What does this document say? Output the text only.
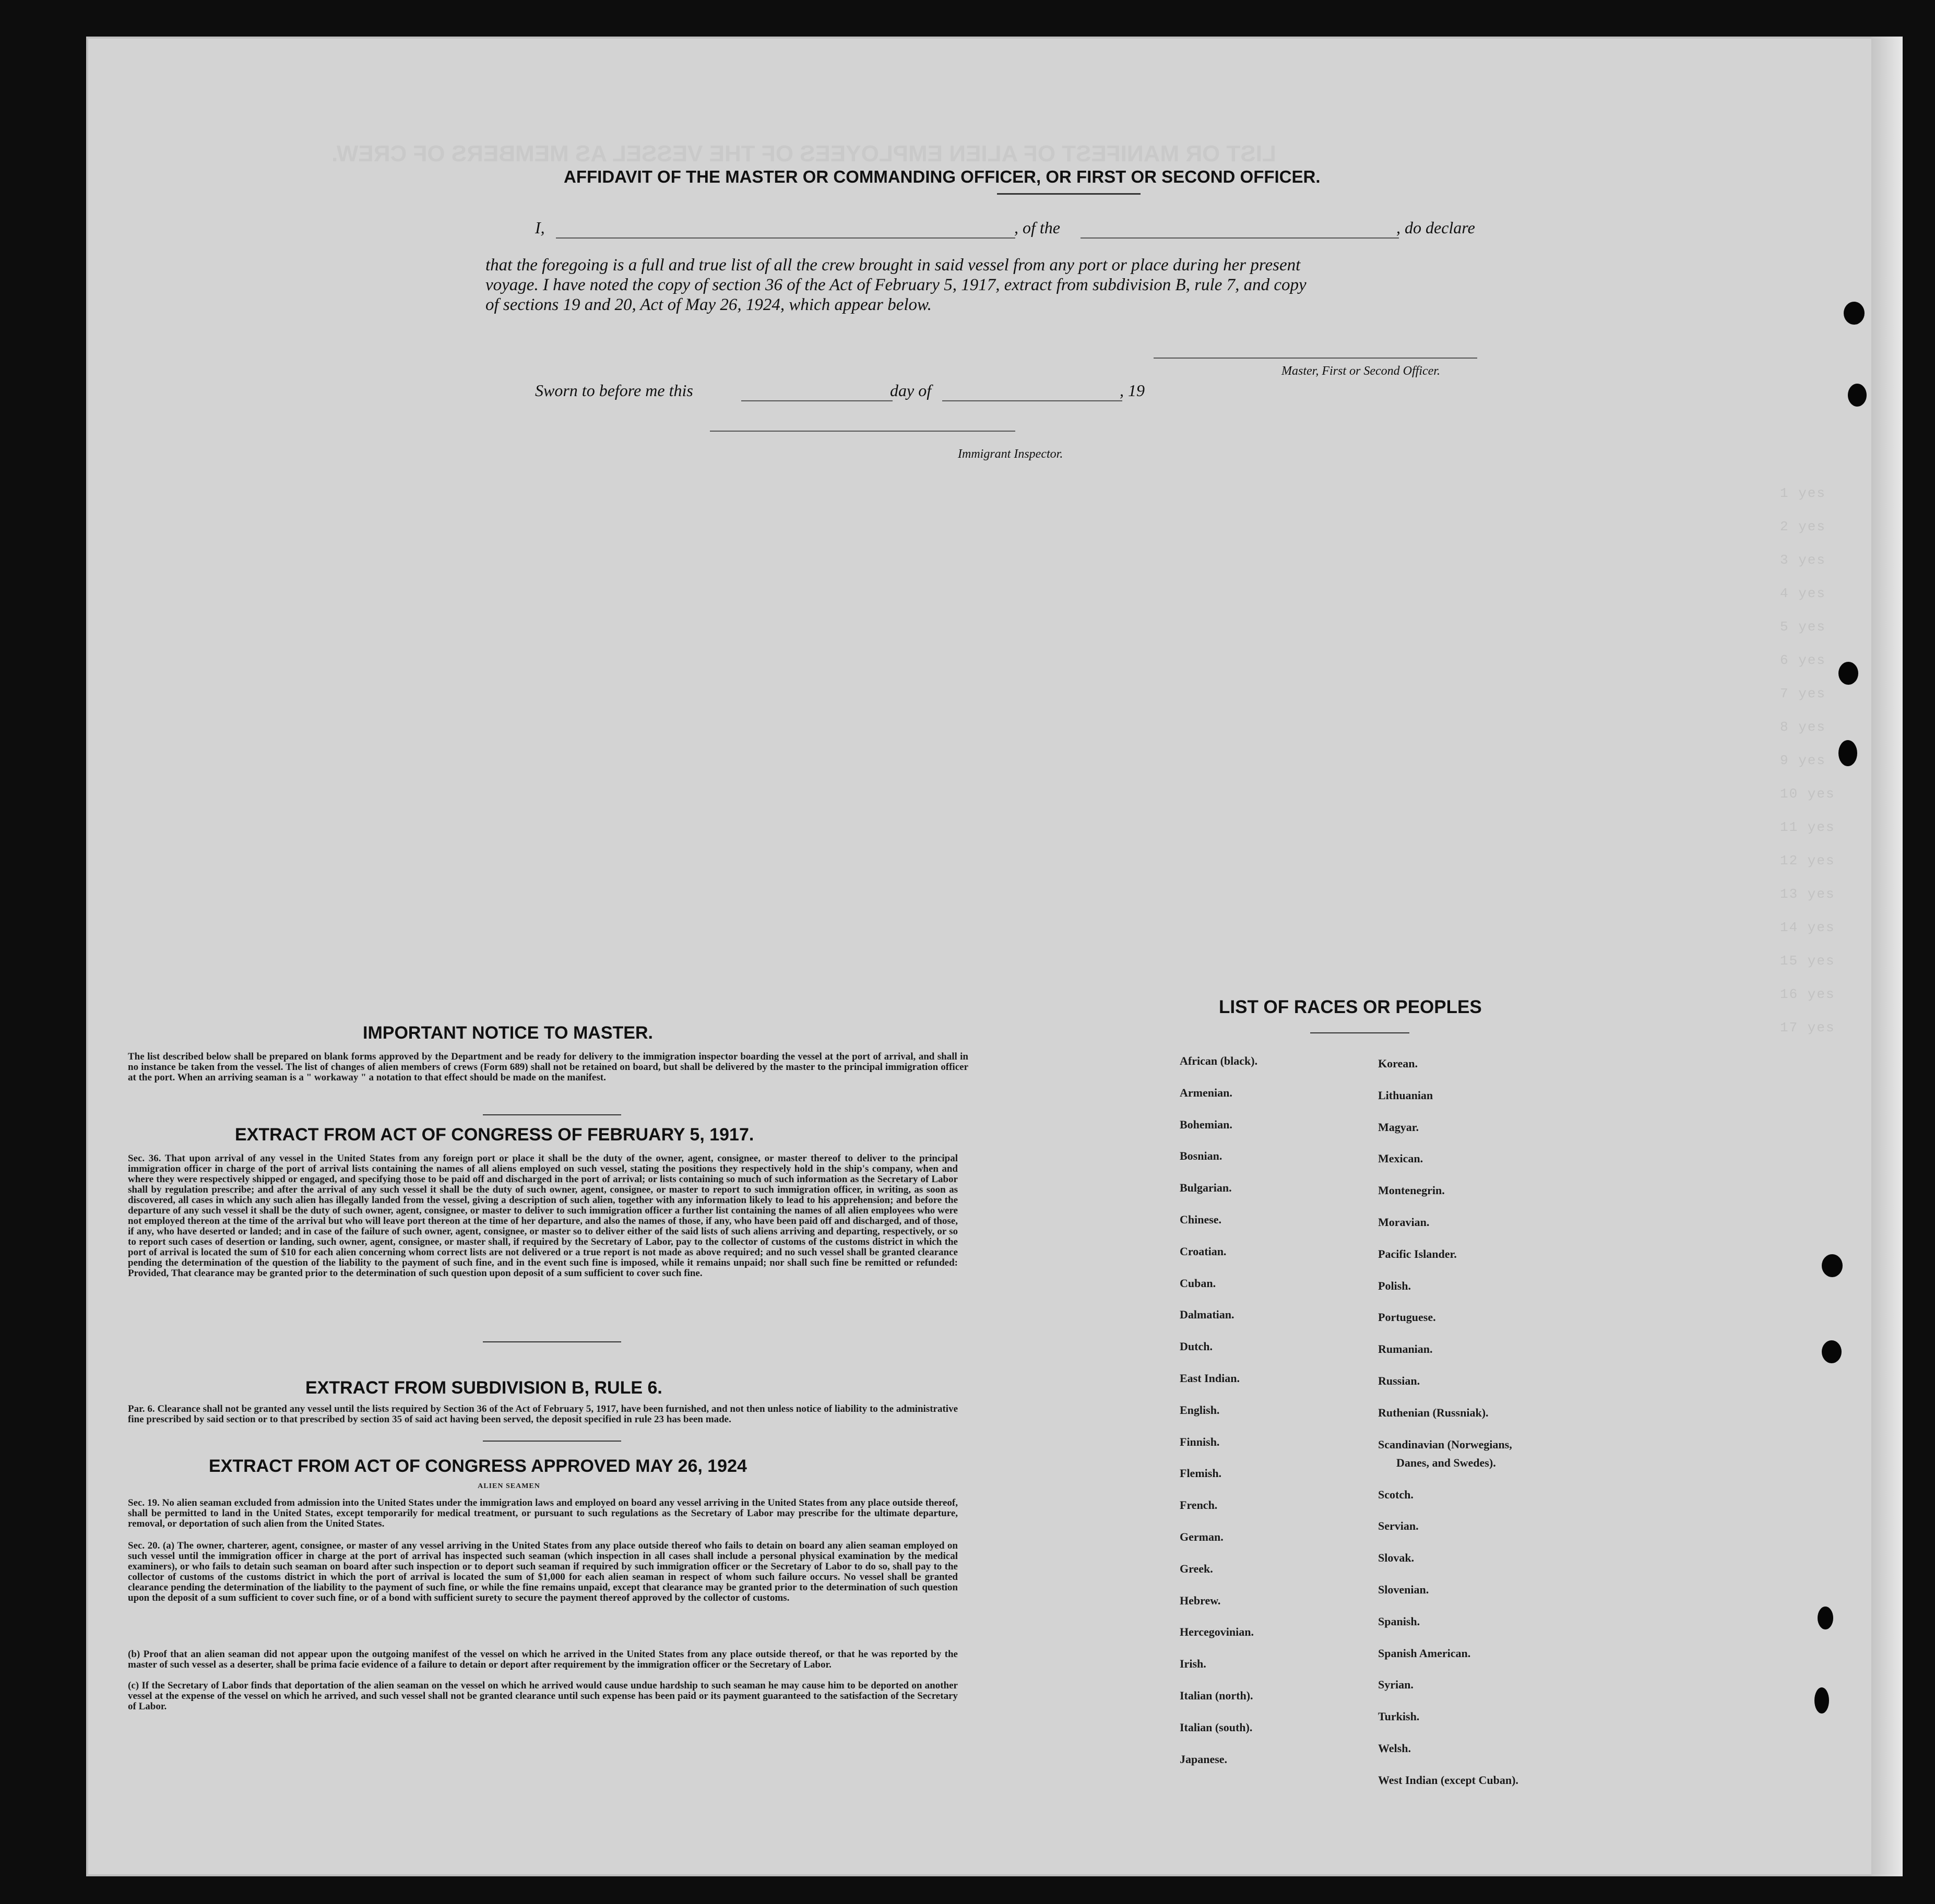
LIST OR MANIFEST OF ALIEN EMPLOYEES OF THE VESSEL AS MEMBERS OF CREW.
1 yes
2 yes
3 yes
4 yes
5 yes
6 yes
7 yes
8 yes
9 yes
10 yes
11 yes
12 yes
13 yes
14 yes
15 yes
16 yes
17 yes
AFFIDAVIT OF THE MASTER OR COMMANDING OFFICER, OR FIRST OR SECOND OFFICER.
I,	, of the	, do declare
that the foregoing is a full and true list of all the crew brought in said vessel from any port or place during her present
voyage. I have noted the copy of section 36 of the Act of February 5, 1917, extract from subdivision B, rule 7, and copy
of sections 19 and 20, Act of May 26, 1924, which appear below.
Master, First or Second Officer.
Sworn to before me this	day of	, 19
Immigrant Inspector.
IMPORTANT NOTICE TO MASTER.
The list described below shall be prepared on blank forms approved by the Department and be ready for delivery to the immigration inspector boarding the vessel at the port of arrival, and shall in no instance be taken from the vessel. The list of changes of alien members of crews (Form 689) shall not be retained on board, but shall be delivered by the master to the principal immigration officer at the port. When an arriving seaman is a " workaway " a notation to that effect should be made on the manifest.
EXTRACT FROM ACT OF CONGRESS OF FEBRUARY 5, 1917.
Sec. 36. That upon arrival of any vessel in the United States from any foreign port or place it shall be the duty of the owner, agent, consignee, or master thereof to deliver to the principal immigration officer in charge of the port of arrival lists containing the names of all aliens employed on such vessel, stating the positions they respectively hold in the ship's company, when and where they were respectively shipped or engaged, and specifying those to be paid off and discharged in the port of arrival; or lists containing so much of such information as the Secretary of Labor shall by regulation prescribe; and after the arrival of any such vessel it shall be the duty of such owner, agent, consignee, or master to report to such immigration officer, in writing, as soon as discovered, all cases in which any such alien has illegally landed from the vessel, giving a description of such alien, together with any information likely to lead to his apprehension; and before the departure of any such vessel it shall be the duty of such owner, agent, consignee, or master to deliver to such immigration officer a further list containing the names of all alien employees who were not employed thereon at the time of the arrival but who will leave port thereon at the time of her departure, and also the names of those, if any, who have been paid off and discharged, and of those, if any, who have deserted or landed; and in case of the failure of such owner, agent, consignee, or master so to deliver either of the said lists of such aliens arriving and departing, respectively, or so to report such cases of desertion or landing, such owner, agent, consignee, or master shall, if required by the Secretary of Labor, pay to the collector of customs of the customs district in which the port of arrival is located the sum of $10 for each alien concerning whom correct lists are not delivered or a true report is not made as above required; and no such vessel shall be granted clearance pending the determination of the question of the liability to the payment of such fine, and in the event such fine is imposed, while it remains unpaid; nor shall such fine be remitted or refunded: Provided, That clearance may be granted prior to the determination of such question upon deposit of a sum sufficient to cover such fine.
EXTRACT FROM SUBDIVISION B, RULE 6.
Par. 6. Clearance shall not be granted any vessel until the lists required by Section 36 of the Act of February 5, 1917, have been furnished, and not then unless notice of liability to the administrative fine prescribed by said section or to that prescribed by section 35 of said act having been served, the deposit specified in rule 23 has been made.
EXTRACT FROM ACT OF CONGRESS APPROVED MAY 26, 1924
ALIEN SEAMEN
Sec. 19. No alien seaman excluded from admission into the United States under the immigration laws and employed on board any vessel arriving in the United States from any place outside thereof, shall be permitted to land in the United States, except temporarily for medical treatment, or pursuant to such regulations as the Secretary of Labor may prescribe for the ultimate departure, removal, or deportation of such alien from the United States.
Sec. 20. (a) The owner, charterer, agent, consignee, or master of any vessel arriving in the United States from any place outside thereof who fails to detain on board any alien seaman employed on such vessel until the immigration officer in charge at the port of arrival has inspected such seaman (which inspection in all cases shall include a personal physical examination by the medical examiners), or who fails to detain such seaman on board after such inspection or to deport such seaman if required by such immigration officer or the Secretary of Labor to do so, shall pay to the collector of customs of the customs district in which the port of arrival is located the sum of $1,000 for each alien seaman in respect of whom such failure occurs. No vessel shall be granted clearance pending the determination of the liability to the payment of such fine, or while the fine remains unpaid, except that clearance may be granted prior to the determination of such question upon the deposit of a sum sufficient to cover such fine, or of a bond with sufficient surety to secure the payment thereof approved by the collector of customs.
(b) Proof that an alien seaman did not appear upon the outgoing manifest of the vessel on which he arrived in the United States from any place outside thereof, or that he was reported by the master of such vessel as a deserter, shall be prima facie evidence of a failure to detain or deport after requirement by the immigration officer or the Secretary of Labor.
(c) If the Secretary of Labor finds that deportation of the alien seaman on the vessel on which he arrived would cause undue hardship to such seaman he may cause him to be deported on another vessel at the expense of the vessel on which he arrived, and such vessel shall not be granted clearance until such expense has been paid or its payment guaranteed to the satisfaction of the Secretary of Labor.
LIST OF RACES OR PEOPLES
African (black).
Armenian.
Bohemian.
Bosnian.
Bulgarian.
Chinese.
Croatian.
Cuban.
Dalmatian.
Dutch.
East Indian.
English.
Finnish.
Flemish.
French.
German.
Greek.
Hebrew.
Hercegovinian.
Irish.
Italian (north).
Italian (south).
Japanese.
Korean.
Lithuanian
Magyar.
Mexican.
Montenegrin.
Moravian.
Pacific Islander.
Polish.
Portuguese.
Rumanian.
Russian.
Ruthenian (Russniak).
Scandinavian (Norwegians,
Danes, and Swedes).
Scotch.
Servian.
Slovak.
Slovenian.
Spanish.
Spanish American.
Syrian.
Turkish.
Welsh.
West Indian (except Cuban).
